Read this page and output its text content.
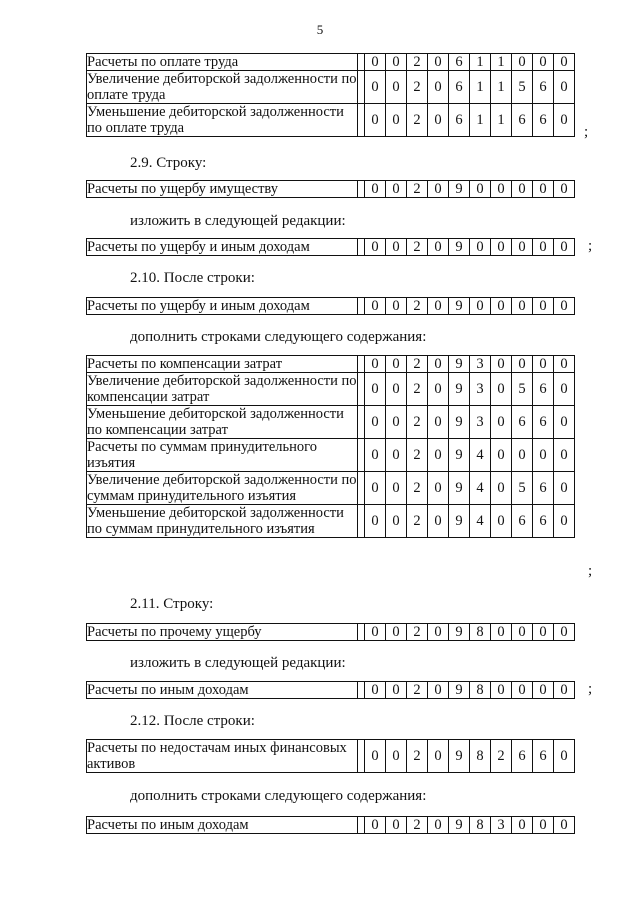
5
Расчеты по оплате труда		0	0	2	0	6	1	1	0	0	0
Увеличение дебиторской задолженности по оплате труда		0	0	2	0	6	1	1	5	6	0
Уменьшение дебиторской задолженности по оплате труда		0	0	2	0	6	1	1	6	6	0
;
2.9. Строку:
Расчеты по ущербу имуществу		0	0	2	0	9	0	0	0	0	0
изложить в следующей редакции:
Расчеты по ущербу и иным доходам		0	0	2	0	9	0	0	0	0	0 ;
2.10. После строки:
Расчеты по ущербу и иным доходам		0	0	2	0	9	0	0	0	0	0
дополнить строками следующего содержания:
Расчеты по компенсации затрат		0	0	2	0	9	3	0	0	0	0
Увеличение дебиторской задолженности по компенсации затрат		0	0	2	0	9	3	0	5	6	0
Уменьшение дебиторской задолженности по компенсации затрат		0	0	2	0	9	3	0	6	6	0
Расчеты по суммам принудительного изъятия		0	0	2	0	9	4	0	0	0	0
Увеличение дебиторской задолженности по суммам принудительного изъятия		0	0	2	0	9	4	0	5	6	0
Уменьшение дебиторской задолженности по суммам принудительного изъятия		0	0	2	0	9	4	0	6	6	0
;
2.11. Строку:
Расчеты по прочему ущербу		0	0	2	0	9	8	0	0	0	0
изложить в следующей редакции:
Расчеты по иным доходам		0	0	2	0	9	8	0	0	0	0 ;
2.12. После строки:
Расчеты по недостачам иных финансовых активов		0	0	2	0	9	8	2	6	6	0
дополнить строками следующего содержания:
Расчеты по иным доходам		0	0	2	0	9	8	3	0	0	0
